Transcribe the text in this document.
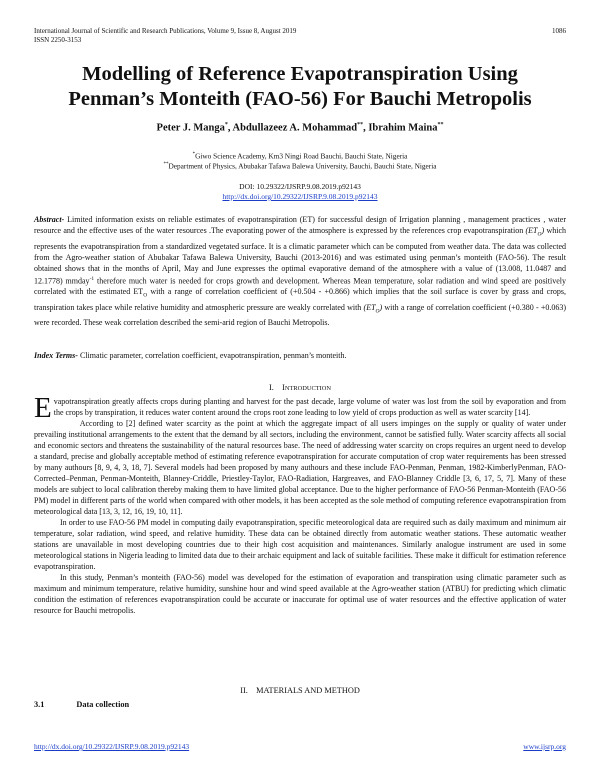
International Journal of Scientific and Research Publications, Volume 9, Issue 8, August 2019
ISSN 2250-3153
1086
Modelling of Reference Evapotranspiration Using
Penman’s Monteith (FAO-56) For Bauchi Metropolis
Peter J. Manga*, Abdullazeez A. Mohammad**, Ibrahim Maina**
*Giwo Science Academy, Km3 Ningi Road Bauchi, Bauchi State, Nigeria
**Department of Physics, Abubakar Tafawa Balewa University, Bauchi, Bauchi State, Nigeria
DOI: 10.29322/IJSRP.9.08.2019.p92143
http://dx.doi.org/10.29322/IJSRP.9.08.2019.p92143
Abstract- Limited information exists on reliable estimates of evapotranspiration (ET) for successful design of Irrigation planning , management practices , water resource and the effective uses of the water resources .The evaporating power of the atmosphere is expressed by the references crop evapotranspiration $(ET_O)$ which represents the evapotranspiration from a standardized vegetated surface. It is a climatic parameter which can be computed from weather data. The data was collected from the Agro-weather station of Abubakar Tafawa Balewa University, Bauchi (2013-2016) and was estimated using penman’s monteith (FAO-56). The result obtained shows that in the months of April, May and June expresses the optimal evaporative demand of the atmosphere with a value of (13.008, 11.0487 and 12.1778) mmday$^{-1}$ therefore much water is needed for crops growth and development. Whereas Mean temperature, solar radiation and wind speed are positively correlated with the estimated $ET_O$ with a range of correlation coefficient of (+0.504 - +0.866) which implies that the soil surface is cover by grass and crops, transpiration takes place while relative humidity and atmospheric pressure are weakly correlated with $(ET_O)$ with a range of correlation coefficient (+0.380 - +0.063) were recorded. These weak correlation described the semi-arid region of Bauchi Metropolis.
Index Terms- Climatic parameter, correlation coefficient, evapotranspiration, penman’s monteith.
I. INTRODUCTION
Evapotranspiration greatly affects crops during planting and harvest for the past decade, large volume of water was lost from the soil by evaporation and from the crops by transpiration, it reduces water content around the crops root zone leading to low yield of crops production as well as water scarcity [14].
According to [2] defined water scarcity as the point at which the aggregate impact of all users impinges on the supply or quality of water under prevailing institutional arrangements to the extent that the demand by all sectors, including the environment, cannot be satisfied fully. Water scarcity affects all social and economic sectors and threatens the sustainability of the natural resources base. The need of addressing water scarcity on crops requires an urgent need to develop a standard, precise and globally acceptable method of estimating reference evapotranspiration for accurate computation of crop water requirements has been stressed by many authours [8, 9, 4, 3, 18, 7]. Several models had been proposed by many authours and these include FAO-Penman, Penman, 1982-KimberlyPenman, FAO-Corrected–Penman, Penman-Monteith, Blanney-Criddle, Priestley-Taylor, FAO-Radiation, Hargreaves, and FAO-Blanney Criddle [3, 6, 17, 5, 7]. Many of these models are subject to local calibration thereby making them to have limited global acceptance. Due to the higher performance of FAO-56 Penman-Monteith (FAO-56 PM) model in different parts of the world when compared with other models, it has been accepted as the sole method of computing reference evapotranspiration from meteorological data [13, 3, 12, 16, 19, 10, 11].
In order to use FAO-56 PM model in computing daily evapotranspiration, specific meteorological data are required such as daily maximum and minimum air temperature, solar radiation, wind speed, and relative humidity. These data can be obtained directly from automatic weather stations. These automatic weather stations are unavailable in most developing countries due to their high cost acquisition and maintenances. Similarly analogue instrument are used in some meteorological stations in Nigeria leading to limited data due to their archaic equipment and lack of suitable facilities. These make it difficult for estimation reference evapotranspiration.
In this study, Penman’s monteith (FAO-56) model was developed for the estimation of evaporation and transpiration using climatic parameter such as maximum and minimum temperature, relative humidity, sunshine hour and wind speed available at the Agro-weather station (ATBU) for predicting which climatic condition the estimation of references evapotranspiration could be accurate or inaccurate for optimal use of water resources and the effective application of water resource for Bauchi metropolis.
II. MATERIALS AND METHOD
3.1	Data collection
http://dx.doi.org/10.29322/IJSRP.9.08.2019.p92143	www.ijsrp.org
